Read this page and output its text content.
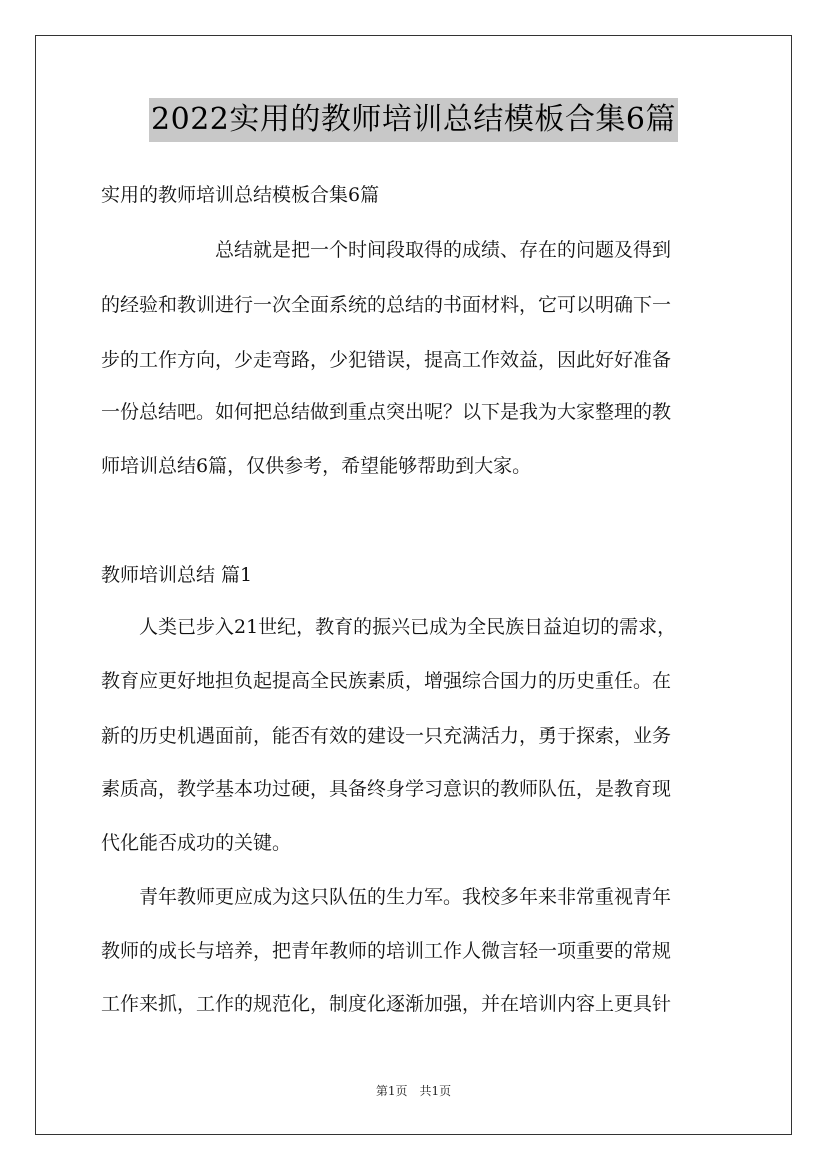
2022实用的教师培训总结模板合集6篇
实用的教师培训总结模板合集6篇
　　　　　　总结就是把一个时间段取得的成绩、存在的问题及得到
的经验和教训进行一次全面系统的总结的书面材料，它可以明确下一
步的工作方向，少走弯路，少犯错误，提高工作效益，因此好好准备
一份总结吧。如何把总结做到重点突出呢？以下是我为大家整理的教
师培训总结6篇，仅供参考，希望能够帮助到大家。
教师培训总结 篇1
　　人类已步入21世纪，教育的振兴已成为全民族日益迫切的需求，
教育应更好地担负起提高全民族素质，增强综合国力的历史重任。在
新的历史机遇面前，能否有效的建设一只充满活力，勇于探索，业务
素质高，教学基本功过硬，具备终身学习意识的教师队伍，是教育现
代化能否成功的关键。
　　青年教师更应成为这只队伍的生力军。我校多年来非常重视青年
教师的成长与培养，把青年教师的培训工作人微言轻一项重要的常规
工作来抓，工作的规范化，制度化逐渐加强，并在培训内容上更具针
第1页　共1页
